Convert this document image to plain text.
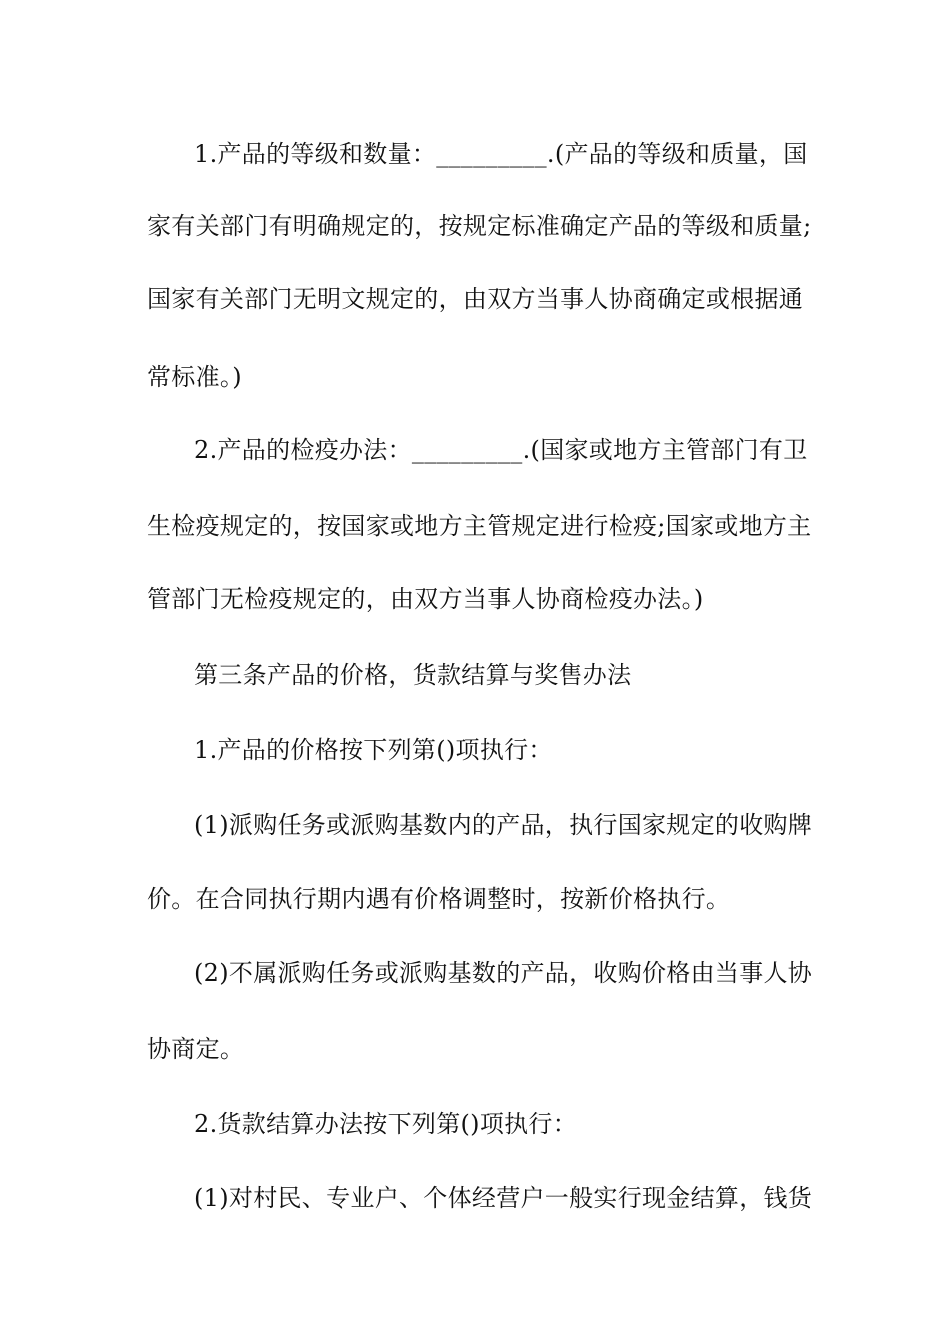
1.产品的等级和数量：_________.(产品的等级和质量，国
家有关部门有明确规定的，按规定标准确定产品的等级和质量;
国家有关部门无明文规定的，由双方当事人协商确定或根据通
常标准。)
2.产品的检疫办法：_________.(国家或地方主管部门有卫
生检疫规定的，按国家或地方主管规定进行检疫;国家或地方主
管部门无检疫规定的，由双方当事人协商检疫办法。)
第三条产品的价格，货款结算与奖售办法
1.产品的价格按下列第()项执行：
(1)派购任务或派购基数内的产品，执行国家规定的收购牌
价。在合同执行期内遇有价格调整时，按新价格执行。
(2)不属派购任务或派购基数的产品，收购价格由当事人协
协商定。
2.货款结算办法按下列第()项执行：
(1)对村民、专业户、个体经营户一般实行现金结算，钱货
